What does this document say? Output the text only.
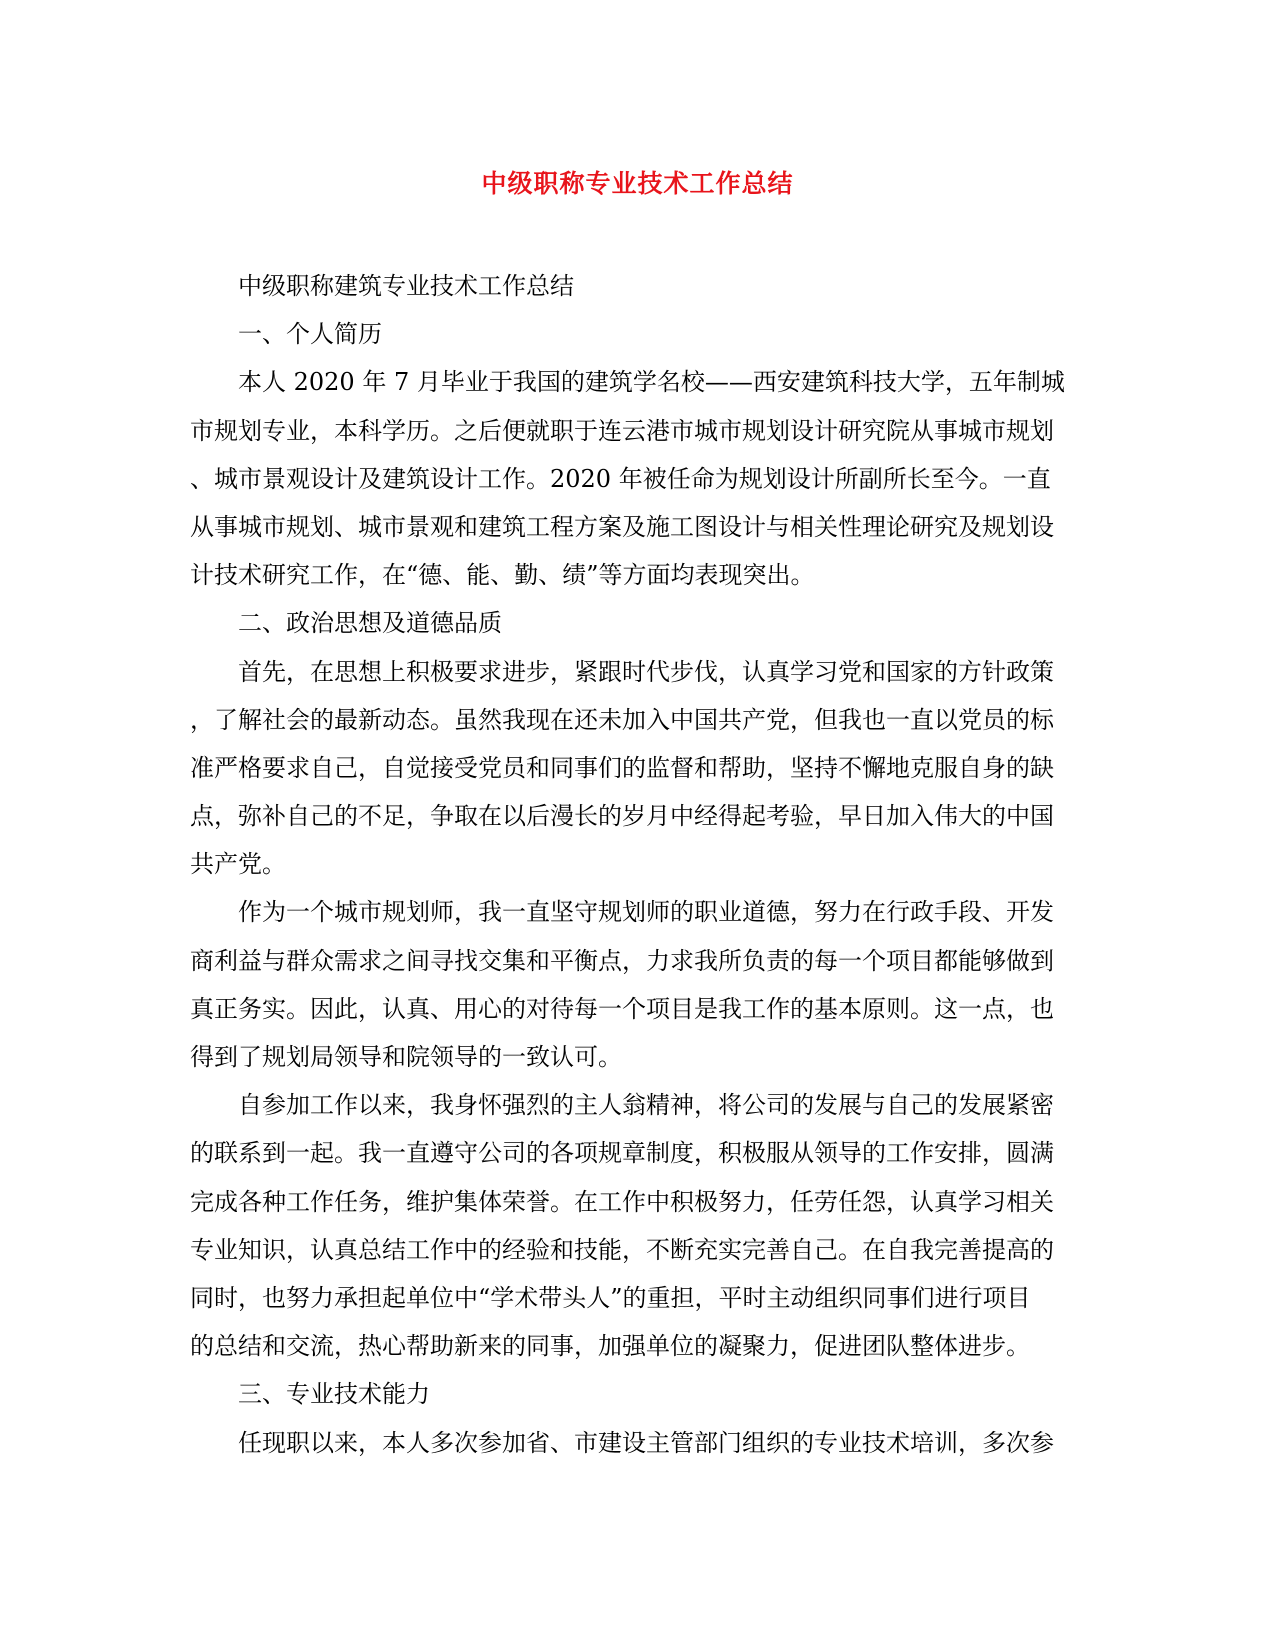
中级职称专业技术工作总结
中级职称建筑专业技术工作总结
一、个人简历
本人 2020 年 7 月毕业于我国的建筑学名校——西安建筑科技大学，五年制城
市规划专业，本科学历。之后便就职于连云港市城市规划设计研究院从事城市规划
、城市景观设计及建筑设计工作。2020 年被任命为规划设计所副所长至今。一直
从事城市规划、城市景观和建筑工程方案及施工图设计与相关性理论研究及规划设
计技术研究工作，在“德、能、勤、绩”等方面均表现突出。
二、政治思想及道德品质
首先，在思想上积极要求进步，紧跟时代步伐，认真学习党和国家的方针政策
，了解社会的最新动态。虽然我现在还未加入中国共产党，但我也一直以党员的标
准严格要求自己，自觉接受党员和同事们的监督和帮助，坚持不懈地克服自身的缺
点，弥补自己的不足，争取在以后漫长的岁月中经得起考验，早日加入伟大的中国
共产党。
作为一个城市规划师，我一直坚守规划师的职业道德，努力在行政手段、开发
商利益与群众需求之间寻找交集和平衡点，力求我所负责的每一个项目都能够做到
真正务实。因此，认真、用心的对待每一个项目是我工作的基本原则。这一点，也
得到了规划局领导和院领导的一致认可。
自参加工作以来，我身怀强烈的主人翁精神，将公司的发展与自己的发展紧密
的联系到一起。我一直遵守公司的各项规章制度，积极服从领导的工作安排，圆满
完成各种工作任务，维护集体荣誉。在工作中积极努力，任劳任怨，认真学习相关
专业知识，认真总结工作中的经验和技能，不断充实完善自己。在自我完善提高的
同时，也努力承担起单位中“学术带头人”的重担，平时主动组织同事们进行项目
的总结和交流，热心帮助新来的同事，加强单位的凝聚力，促进团队整体进步。
三、专业技术能力
任现职以来，本人多次参加省、市建设主管部门组织的专业技术培训，多次参
